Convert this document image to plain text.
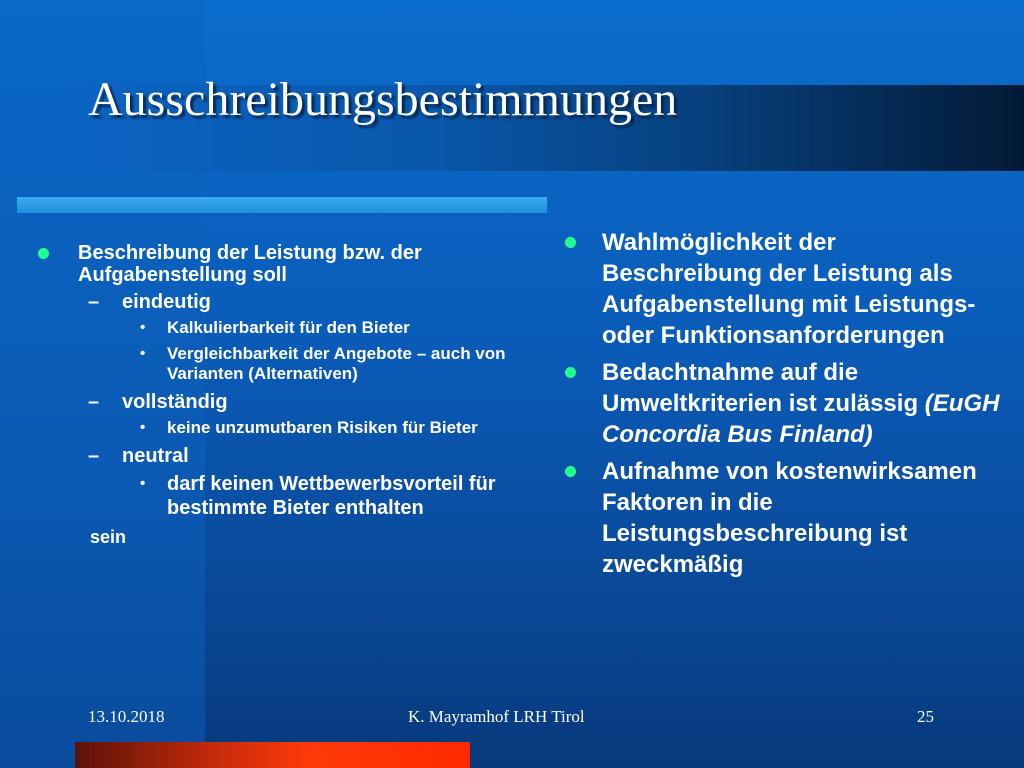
Ausschreibungsbestimmungen
Beschreibung der Leistung bzw. der Aufgabenstellung soll
– eindeutig
• Kalkulierbarkeit für den Bieter
• Vergleichbarkeit der Angebote – auch von Varianten (Alternativen)
– vollständig
• keine unzumutbaren Risiken für Bieter
– neutral
• darf keinen Wettbewerbsvorteil für bestimmte Bieter enthalten
sein
Wahlmöglichkeit der Beschreibung der Leistung als Aufgabenstellung mit Leistungs- oder Funktionsanforderungen
Bedachtnahme auf die Umweltkriterien ist zulässig (EuGH Concordia Bus Finland)
Aufnahme von kostenwirksamen Faktoren in die Leistungsbeschreibung ist zweckmäßig
13.10.2018	K. Mayramhof LRH Tirol	25
